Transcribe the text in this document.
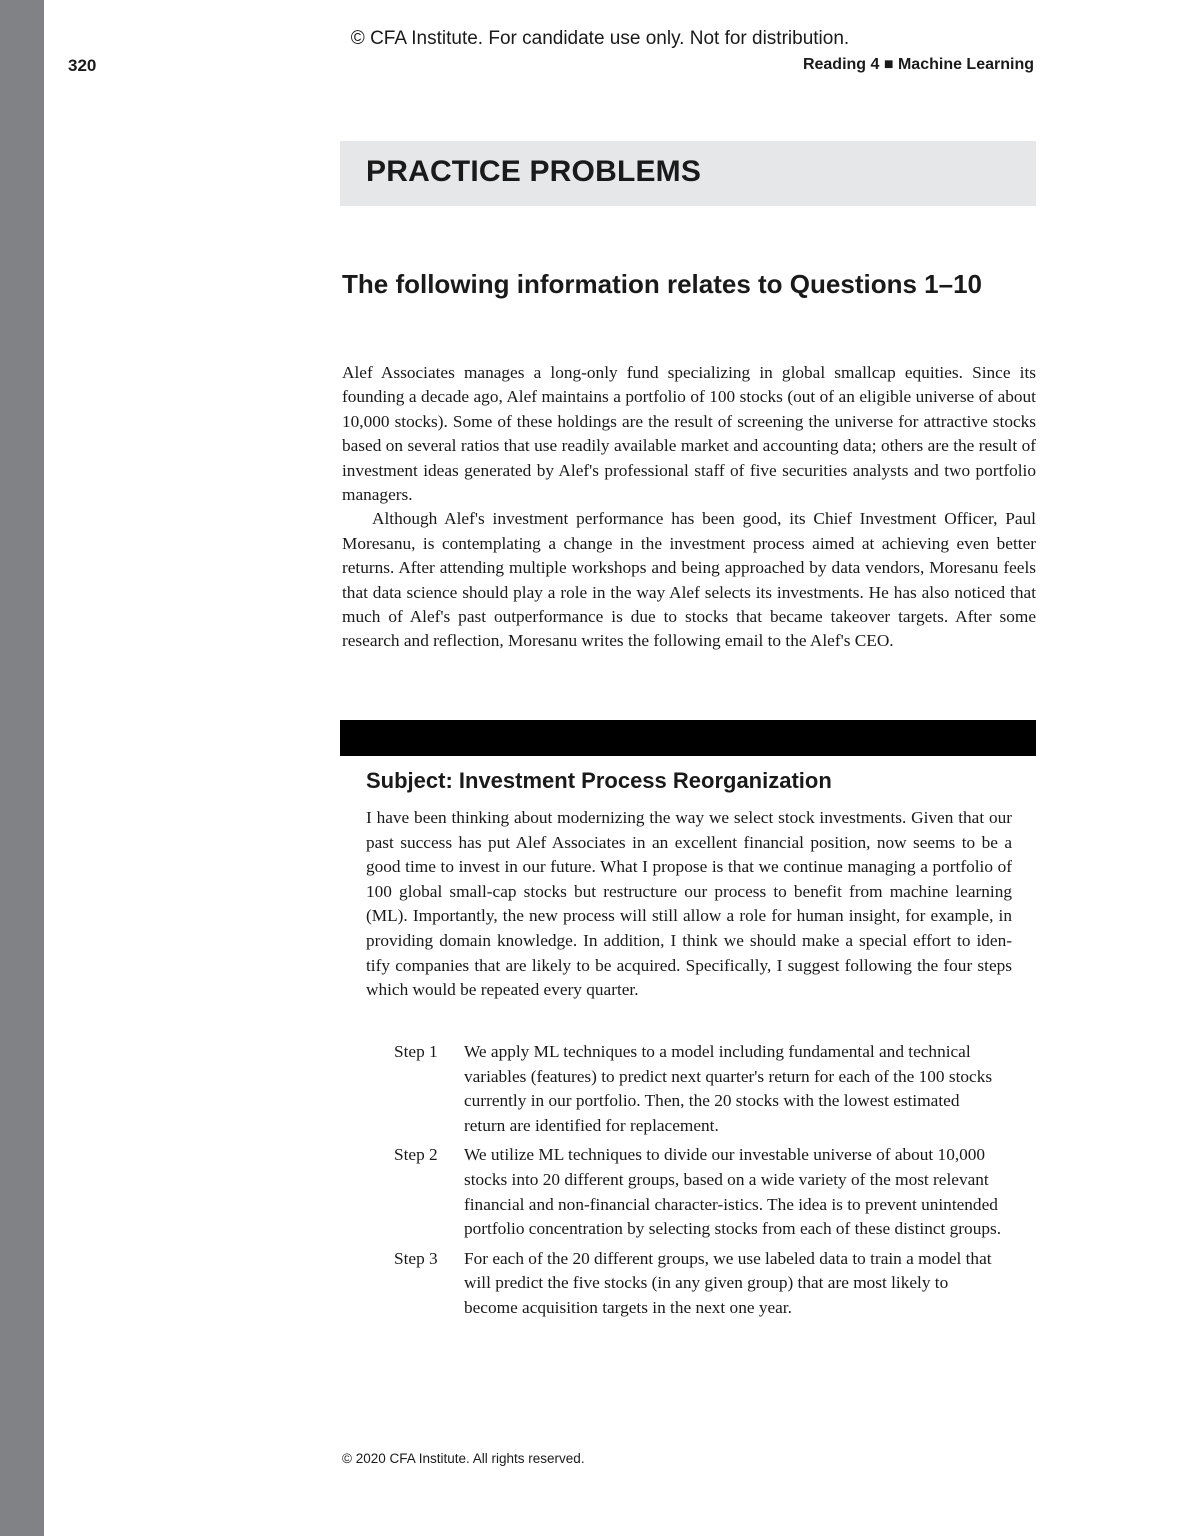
© CFA Institute. For candidate use only. Not for distribution.
320	Reading 4 ■ Machine Learning
PRACTICE PROBLEMS
The following information relates to Questions 1–10

Alef Associates manages a long-only fund specializing in global smallcap equities. Since its founding a decade ago, Alef maintains a portfolio of 100 stocks (out of an eligible universe of about 10,000 stocks). Some of these holdings are the result of screening the universe for attractive stocks based on several ratios that use readily available market and accounting data; others are the result of investment ideas generated by Alef's professional staff of five securities analysts and two portfolio managers.

Although Alef's investment performance has been good, its Chief Investment Officer, Paul Moresanu, is contemplating a change in the investment process aimed at achieving even better returns. After attending multiple workshops and being approached by data vendors, Moresanu feels that data science should play a role in the way Alef selects its investments. He has also noticed that much of Alef's past outperformance is due to stocks that became takeover targets. After some research and reflection, Moresanu writes the following email to the Alef's CEO.

Subject: Investment Process Reorganization

I have been thinking about modernizing the way we select stock investments. Given that our past success has put Alef Associates in an excellent financial position, now seems to be a good time to invest in our future. What I propose is that we continue managing a portfolio of 100 global small-cap stocks but restructure our process to benefit from machine learning (ML). Importantly, the new process will still allow a role for human insight, for example, in providing domain knowledge. In addition, I think we should make a special effort to iden-tify companies that are likely to be acquired. Specifically, I suggest following the four steps which would be repeated every quarter.

Step 1	We apply ML techniques to a model including fundamental and technical variables (features) to predict next quarter's return for each of the 100 stocks currently in our portfolio. Then, the 20 stocks with the lowest estimated return are identified for replacement.
Step 2	We utilize ML techniques to divide our investable universe of about 10,000 stocks into 20 different groups, based on a wide variety of the most relevant financial and non-financial character-istics. The idea is to prevent unintended portfolio concentration by selecting stocks from each of these distinct groups.
Step 3	For each of the 20 different groups, we use labeled data to train a model that will predict the five stocks (in any given group) that are most likely to become acquisition targets in the next one year.
© 2020 CFA Institute. All rights reserved.
